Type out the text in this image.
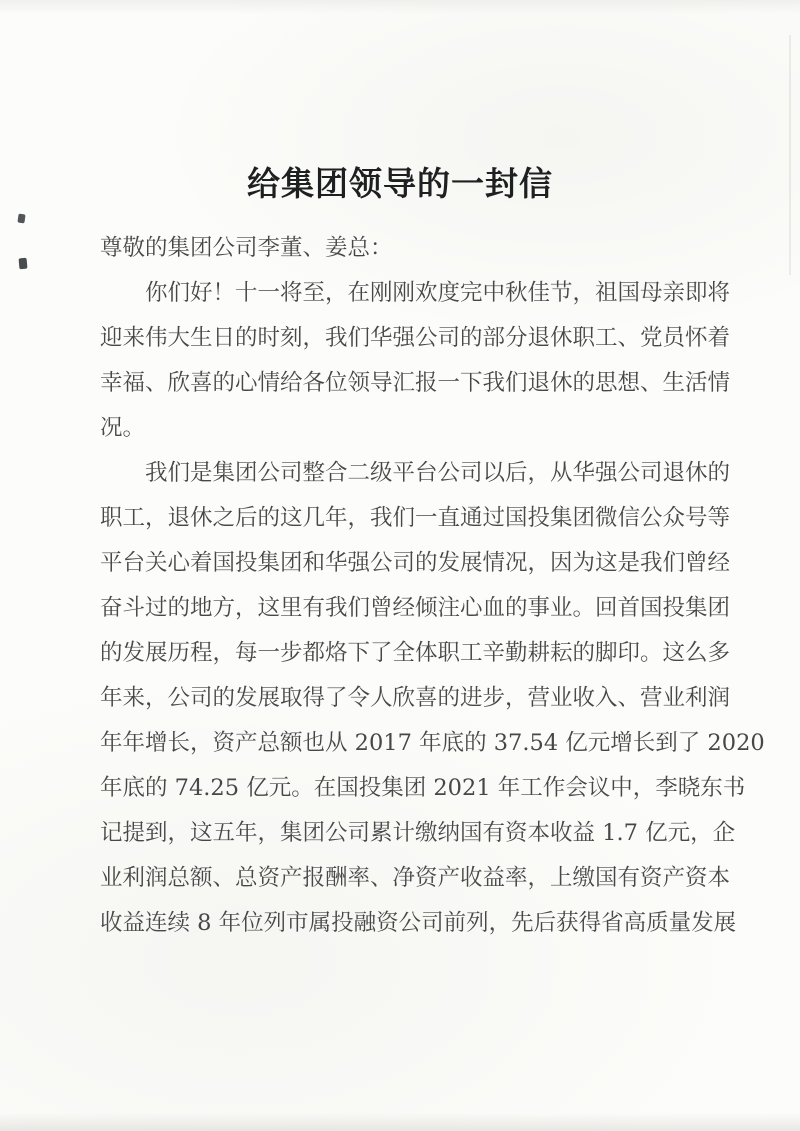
给集团领导的一封信
尊敬的集团公司李董、姜总：
你们好！十一将至，在刚刚欢度完中秋佳节，祖国母亲即将
迎来伟大生日的时刻，我们华强公司的部分退休职工、党员怀着
幸福、欣喜的心情给各位领导汇报一下我们退休的思想、生活情
况。
我们是集团公司整合二级平台公司以后，从华强公司退休的
职工，退休之后的这几年，我们一直通过国投集团微信公众号等
平台关心着国投集团和华强公司的发展情况，因为这是我们曾经
奋斗过的地方，这里有我们曾经倾注心血的事业。回首国投集团
的发展历程，每一步都烙下了全体职工辛勤耕耘的脚印。这么多
年来，公司的发展取得了令人欣喜的进步，营业收入、营业利润
年年增长，资产总额也从 2017 年底的 37.54 亿元增长到了 2020
年底的 74.25 亿元。在国投集团 2021 年工作会议中，李晓东书
记提到，这五年，集团公司累计缴纳国有资本收益 1.7 亿元，企
业利润总额、总资产报酬率、净资产收益率，上缴国有资产资本
收益连续 8 年位列市属投融资公司前列，先后获得省高质量发展
